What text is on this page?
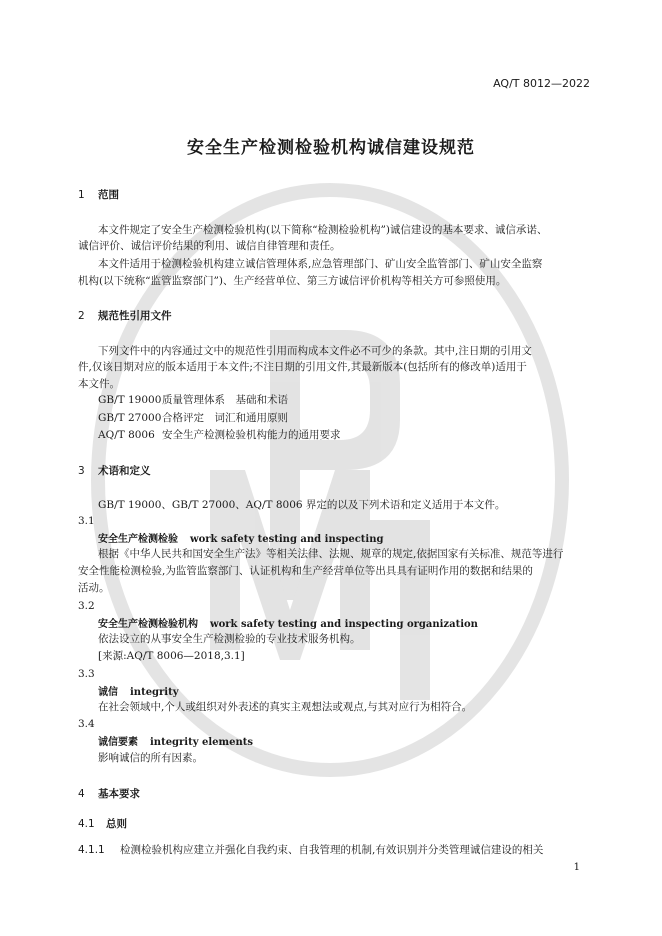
AQ/T 8012—2022
安全生产检测检验机构诚信建设规范
1 范围
本文件规定了安全生产检测检验机构(以下简称“检测检验机构”)诚信建设的基本要求、诚信承诺、
诚信评价、诚信评价结果的利用、诚信自律管理和责任。
本文件适用于检测检验机构建立诚信管理体系,应急管理部门、矿山安全监管部门、矿山安全监察
机构(以下统称“监管监察部门”)、生产经营单位、第三方诚信评价机构等相关方可参照使用。
2 规范性引用文件
下列文件中的内容通过文中的规范性引用而构成本文件必不可少的条款。其中,注日期的引用文
件,仅该日期对应的版本适用于本文件;不注日期的引用文件,其最新版本(包括所有的修改单)适用于
本文件。
GB/T 19000质量管理体系　基础和术语
GB/T 27000合格评定　词汇和通用原则
AQ/T 8006 安全生产检测检验机构能力的通用要求
3 术语和定义
GB/T 19000、GB/T 27000、AQ/T 8006 界定的以及下列术语和定义适用于本文件。
3.1
安全生产检测检验 work safety testing and inspecting
根据《中华人民共和国安全生产法》等相关法律、法规、规章的规定,依据国家有关标准、规范等进行
安全性能检测检验,为监管监察部门、认证机构和生产经营单位等出具具有证明作用的数据和结果的
活动。
3.2
安全生产检测检验机构 work safety testing and inspecting organization
依法设立的从事安全生产检测检验的专业技术服务机构。
[来源:AQ/T 8006—2018,3.1]
3.3
诚信 integrity
在社会领域中,个人或组织对外表述的真实主观想法或观点,与其对应行为相符合。
3.4
诚信要素 integrity elements
影响诚信的所有因素。
4 基本要求
4.1 总则
4.1.1 检测检验机构应建立并强化自我约束、自我管理的机制,有效识别并分类管理诚信建设的相关
1
